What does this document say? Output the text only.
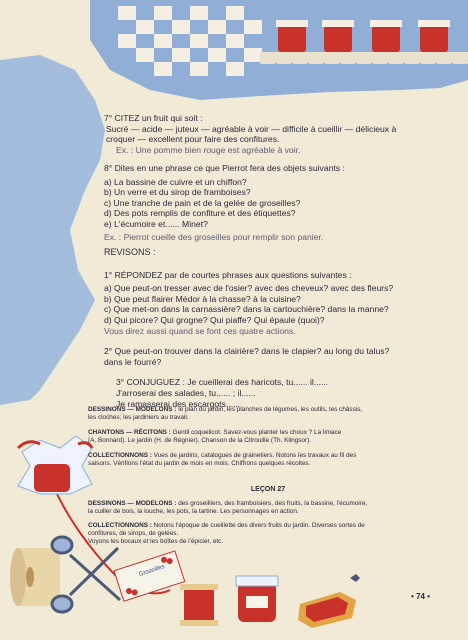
7° CITEZ un fruit qui soit :
Sucré — acide — juteux — agréable à voir — difficile à cueillir — délicieux à
croquer — excellent pour faire des confitures.
Ex. : Une pomme bien rouge est agréable à voir.
8° Dites en une phrase ce que Pierrot fera des objets suivants :
a) La bassine de cuivre et un chiffon?
b) Un verre et du sirop de framboises?
c) Une tranche de pain et de la gelée de groseilles?
d) Des pots remplis de confiture et des étiquettes?
e) L'écumoire et...... Minet?
Ex. : Pierrot cueille des groseilles pour remplir son panier.
REVISONS :
1° RÉPONDEZ par de courtes phrases aux questions suivantes :
a) Que peut-on tresser avec de l'osier? avec des cheveux? avec des fleurs?
b) Que peut flairer Médor à la chasse? à la cuisine?
c) Que met-on dans la carnassière? dans la cartouchière? dans la manne?
d) Qui picore? Qui grogne? Qui piaffe? Qui épaule (quoi)?
Vous direz aussi quand se font ces quatre actions.
2° Que peut-on trouver dans la clairière? dans le clapier? au long du talus?
dans le fourré?
3° CONJUGUEZ : Je cueillerai des haricots, tu...... il......
J'arroserai des salades, tu...... ; il......
Je ramasserai des escargots......
DESSINONS — MODELONS : le plan du jardin, les planches de légumes, les outils, les châssis,
les cloches; les jardiniers au travail.
CHANTONS — RÉCITONS : Gentil coquelicot. Savez-vous planter les choux ? La limace
(A. Bonnard). Le jardin (H. de Régnier). Chanson de la Citrouille (Th. Klingsor).
COLLECTIONNONS : Vues de jardins, catalogues de grainetiers. Notons les travaux au fil des
saisons. Vérifions l'état du jardin de mois en mois. Chiffrons quelques récoltes.
LEÇON 27
DESSINONS — MODELONS : des groseilliers, des framboisiers, des fruits, la bassine, l'écumoire,
la cuiller de bois, la louche, les pots, la tartine. Les personnages en action.
COLLECTIONNONS : Notons l'époque de cueillette des divers fruits du jardin. Diverses sortes de
confitures, de sirops, de gelées.
Voyons les bocaux et les boîtes de l'épicier, etc.
Groseilles
• 74 •
